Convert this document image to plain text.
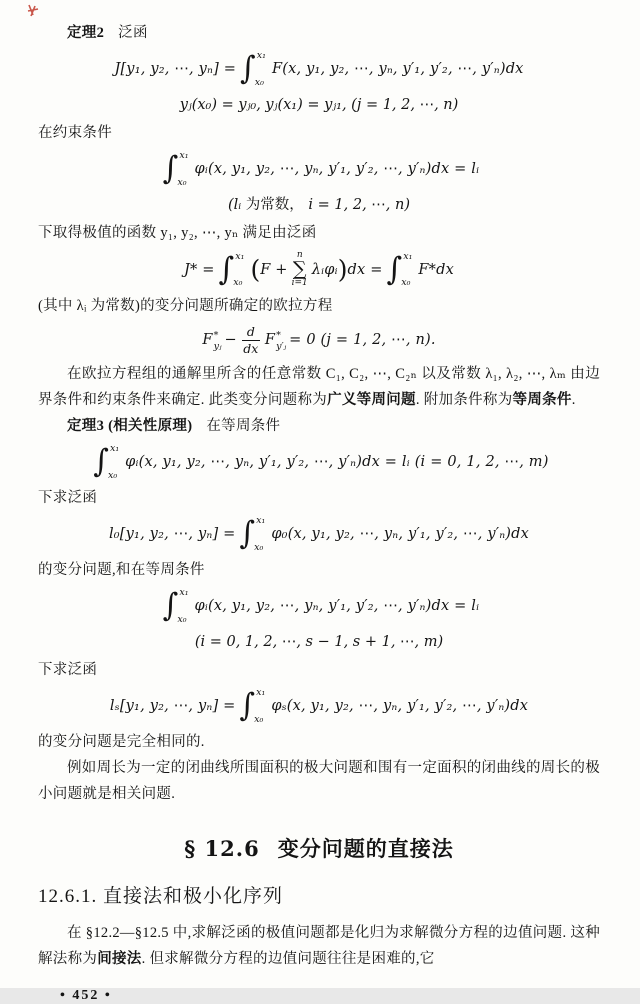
定理2 泛函
J[y₁, y₂, ⋯, yₙ] = ∫ x₁
x₀
F(x, y₁, y₂, ⋯, yₙ, y′₁, y′₂, ⋯, y′ₙ)dx
yⱼ(x₀) = yⱼ₀, yⱼ(x₁) = yⱼ₁, (j = 1, 2, ⋯, n)
在约束条件
∫ x₁
x₀
φᵢ(x, y₁, y₂, ⋯, yₙ, y′₁, y′₂, ⋯, y′ₙ)dx = lᵢ
(lᵢ 为常数， i = 1, 2, ⋯, n)
下取得极值的函数 y₁, y₂, ⋯, yₙ 满足由泛函
J* = ∫ x₁
x₀ ( F +
n
∑
i=1
λᵢφᵢ ) dx = ∫ x₁
x₀
F*dx
(其中 λᵢ 为常数)的变分问题所确定的欧拉方程
F *
yⱼ − $\frac{d}{dx}$ F *
y′ⱼ = 0 (j = 1, 2, ⋯, n).
在欧拉方程组的通解里所含的任意常数 C₁, C₂, ⋯, C₂ₙ 以及常数 λ₁, λ₂, ⋯, λₘ 由边界条件和约束条件来确定. 此类变分问题称为广义等周问题. 附加条件称为等周条件.
定理3 (相关性原理) 在等周条件
∫ x₁
x₀
φᵢ(x, y₁, y₂, ⋯, yₙ, y′₁, y′₂, ⋯, y′ₙ)dx = lᵢ (i = 0, 1, 2, ⋯, m)
下求泛函
l₀[y₁, y₂, ⋯, yₙ] = ∫ x₁
x₀
φ₀(x, y₁, y₂, ⋯, yₙ, y′₁, y′₂, ⋯, y′ₙ)dx
的变分问题,和在等周条件
∫ x₁
x₀
φᵢ(x, y₁, y₂, ⋯, yₙ, y′₁, y′₂, ⋯, y′ₙ)dx = lᵢ
(i = 0, 1, 2, ⋯, s − 1, s + 1, ⋯, m)
下求泛函
lₛ[y₁, y₂, ⋯, yₙ] = ∫ x₁
x₀
φₛ(x, y₁, y₂, ⋯, yₙ, y′₁, y′₂, ⋯, y′ₙ)dx
的变分问题是完全相同的.
例如周长为一定的闭曲线所围面积的极大问题和围有一定面积的闭曲线的周长的极小问题就是相关问题.
§ 12.6 变分问题的直接法
12.6.1. 直接法和极小化序列
在 §12.2—§12.5 中,求解泛函的极值问题都是化归为求解微分方程的边值问题. 这种解法称为间接法. 但求解微分方程的边值问题往往是困难的,它
• 452 •
